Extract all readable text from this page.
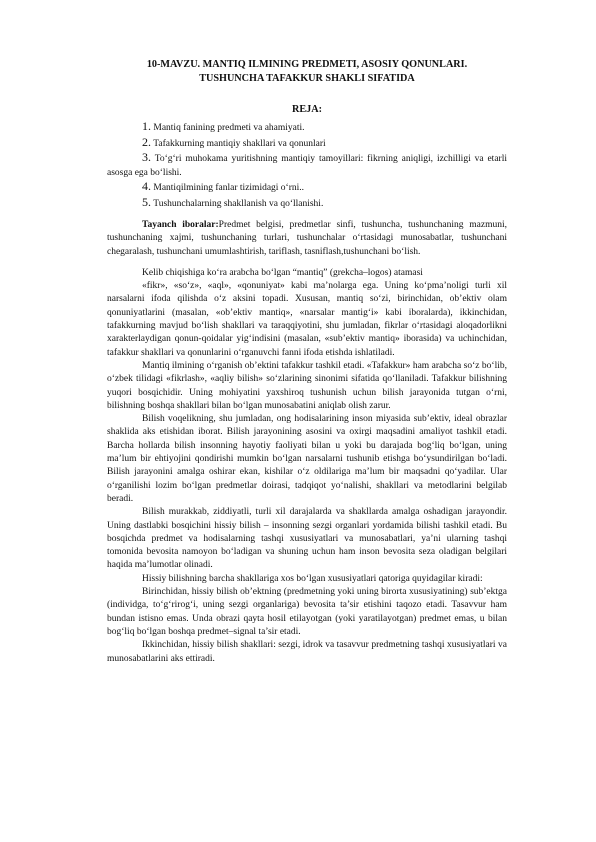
10-MAVZU. MANTIQ ILMINING PREDMETI, ASOSIY QONUNLARI.

TUSHUNCHA TAFAKKUR SHAKLI SIFATIDA

REJA:

1. Mantiq fanining predmeti va ahamiyati.
2. Tafakkurning mantiqiy shakllari va qonunlari
3. To‘g‘ri muhokama yuritishning mantiqiy tamoyillari: fikrning aniqligi, izchilligi va etarli asosga ega bo‘lishi.
4. Mantiqilmining fanlar tizimidagi o‘rni..
5. Tushunchalarning shakllanish va qo‘llanishi.

Tayanch iboralar:Predmet belgisi, predmetlar sinfi, tushuncha, tushunchaning mazmuni, tushunchaning xajmi, tushunchaning turlari, tushunchalar o‘rtasidagi munosabatlar, tushunchani chegaralash, tushunchani umumlashtirish, tariflash, tasniflash,tushunchani bo‘lish.

Kelib chiqishiga ko‘ra arabcha bo‘lgan “mantiq” (grekcha–logos) atamasi

«fikr», «so‘z», «aql», «qonuniyat» kabi ma’nolarga ega. Uning ko‘pma’noligi turli xil narsalarni ifoda qilishda o‘z aksini topadi. Xususan, mantiq so‘zi, birinchidan, ob’ektiv olam qonuniyatlarini (masalan, «ob’ektiv mantiq», «narsalar mantig‘i» kabi iboralarda), ikkinchidan, tafakkurning mavjud bo‘lish shakllari va taraqqiyotini, shu jumladan, fikrlar o‘rtasidagi aloqadorlikni xarakterlaydigan qonun-qoidalar yig‘indisini (masalan, «sub’ektiv mantiq» iborasida) va uchinchidan, tafakkur shakllari va qonunlarini o‘rganuvchi fanni ifoda etishda ishlatiladi.

Mantiq ilmining o‘rganish ob’ektini tafakkur tashkil etadi. «Tafakkur» ham arabcha so‘z bo‘lib, o‘zbek tilidagi «fikrlash», «aqliy bilish» so‘zlarining sinonimi sifatida qo‘llaniladi. Tafakkur bilishning yuqori bosqichidir. Uning mohiyatini yaxshiroq tushunish uchun bilish jarayonida tutgan o‘rni, bilishning boshqa shakllari bilan bo‘lgan munosabatini aniqlab olish zarur.

Bilish voqelikning, shu jumladan, ong hodisalarining inson miyasida sub’ektiv, ideal obrazlar shaklida aks etishidan iborat. Bilish jarayonining asosini va oxirgi maqsadini amaliyot tashkil etadi. Barcha hollarda bilish insonning hayotiy faoliyati bilan u yoki bu darajada bog‘liq bo‘lgan, uning ma’lum bir ehtiyojini qondirishi mumkin bo‘lgan narsalarni tushunib etishga bo‘ysundirilgan bo‘ladi. Bilish jarayonini amalga oshirar ekan, kishilar o‘z oldilariga ma’lum bir maqsadni qo‘yadilar. Ular o‘rganilishi lozim bo‘lgan predmetlar doirasi, tadqiqot yo‘nalishi, shakllari va metodlarini belgilab beradi.

Bilish murakkab, ziddiyatli, turli xil darajalarda va shakllarda amalga oshadigan jarayondir. Uning dastlabki bosqichini hissiy bilish – insonning sezgi organlari yordamida bilishi tashkil etadi. Bu bosqichda predmet va hodisalarning tashqi xususiyatlari va munosabatlari, ya’ni ularning tashqi tomonida bevosita namoyon bo‘ladigan va shuning uchun ham inson bevosita seza oladigan belgilari haqida ma’lumotlar olinadi.

Hissiy bilishning barcha shakllariga xos bo‘lgan xususiyatlari qatoriga quyidagilar kiradi:

Birinchidan, hissiy bilish ob’ektning (predmetning yoki uning birorta xususiyatining) sub’ektga (individga, to‘g‘rirog‘i, uning sezgi organlariga) bevosita ta’sir etishini taqozo etadi. Tasavvur ham bundan istisno emas. Unda obrazi qayta hosil etilayotgan (yoki yaratilayotgan) predmet emas, u bilan bog‘liq bo‘lgan boshqa predmet–signal ta’sir etadi.

Ikkinchidan, hissiy bilish shakllari: sezgi, idrok va tasavvur predmetning tashqi xususiyatlari va munosabatlarini aks ettiradi.
